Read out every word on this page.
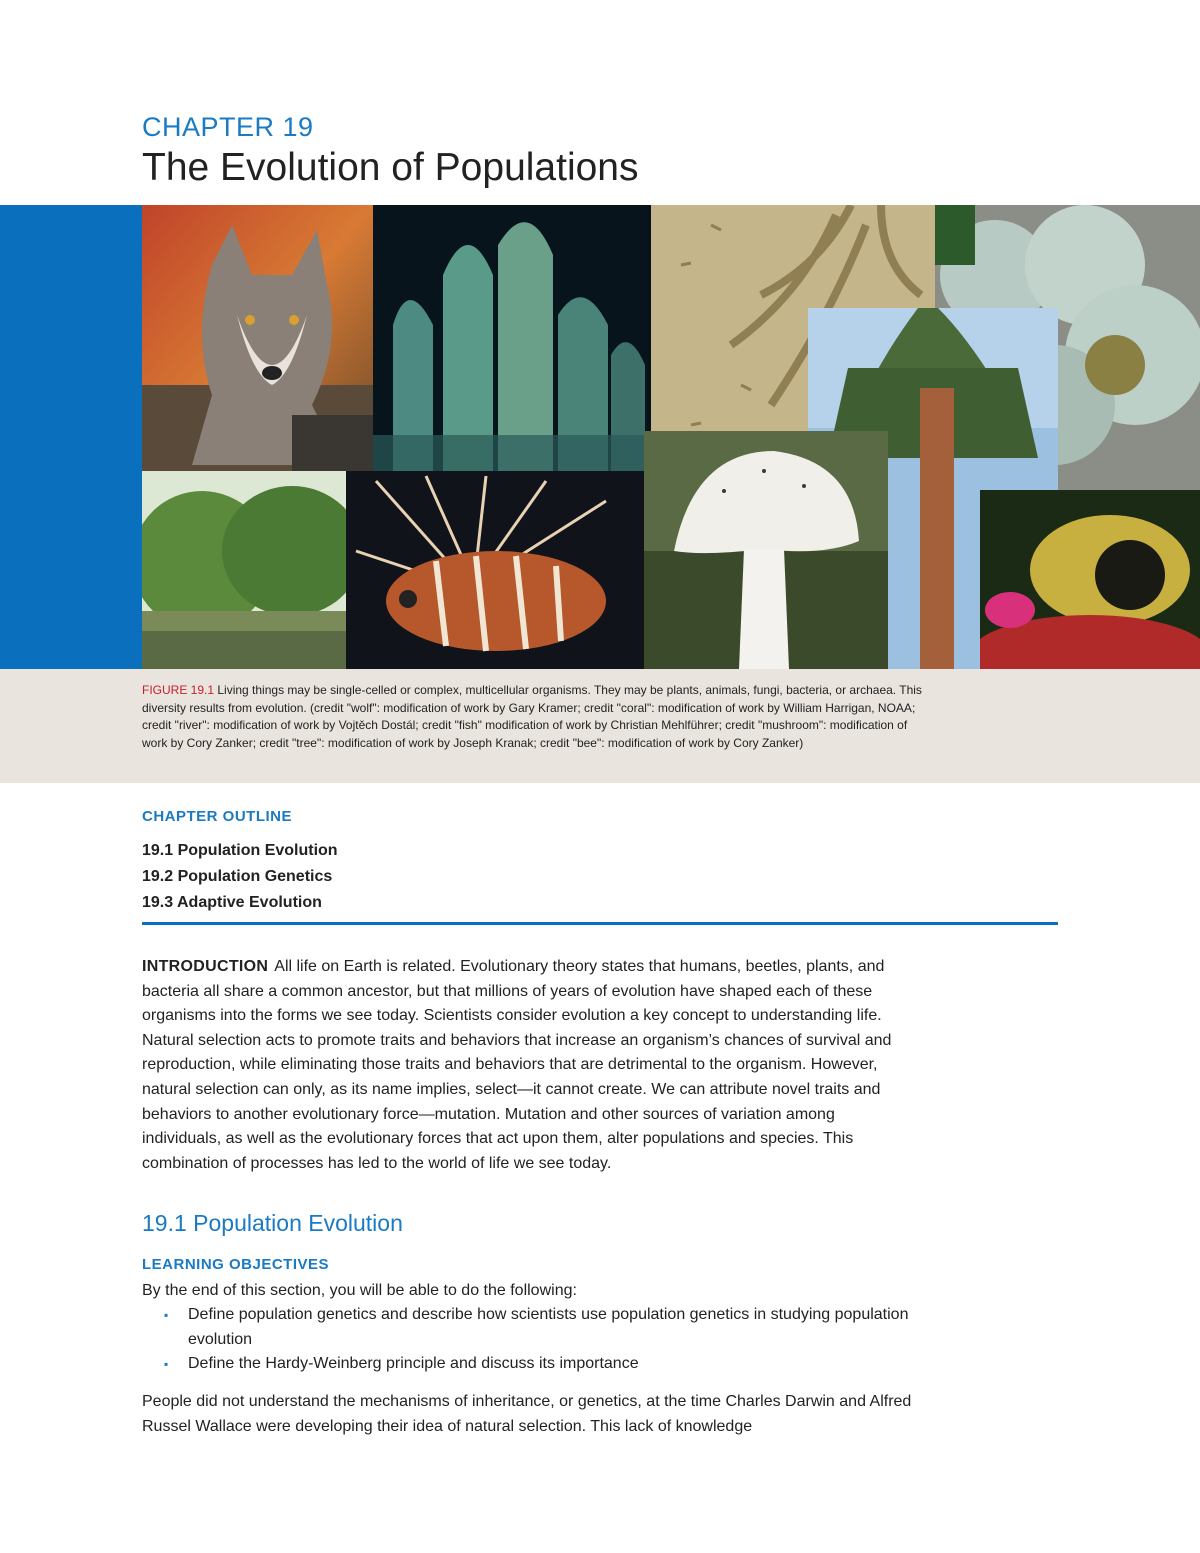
CHAPTER 19
The Evolution of Populations
FIGURE 19.1 Living things may be single-celled or complex, multicellular organisms. They may be plants, animals, fungi, bacteria, or archaea. This diversity results from evolution. (credit "wolf": modification of work by Gary Kramer; credit "coral": modification of work by William Harrigan, NOAA; credit "river": modification of work by Vojtěch Dostál; credit "fish" modification of work by Christian Mehlführer; credit "mushroom": modification of work by Cory Zanker; credit "tree": modification of work by Joseph Kranak; credit "bee": modification of work by Cory Zanker)
CHAPTER OUTLINE
19.1 Population Evolution
19.2 Population Genetics
19.3 Adaptive Evolution

INTRODUCTION All life on Earth is related. Evolutionary theory states that humans, beetles, plants, and bacteria all share a common ancestor, but that millions of years of evolution have shaped each of these organisms into the forms we see today. Scientists consider evolution a key concept to understanding life. Natural selection acts to promote traits and behaviors that increase an organism’s chances of survival and reproduction, while eliminating those traits and behaviors that are detrimental to the organism. However, natural selection can only, as its name implies, select—it cannot create. We can attribute novel traits and behaviors to another evolutionary force—mutation. Mutation and other sources of variation among individuals, as well as the evolutionary forces that act upon them, alter populations and species. This combination of processes has led to the world of life we see today.

19.1 Population Evolution
LEARNING OBJECTIVES
By the end of this section, you will be able to do the following:
▪ Define population genetics and describe how scientists use population genetics in studying population evolution
▪ Define the Hardy-Weinberg principle and discuss its importance

People did not understand the mechanisms of inheritance, or genetics, at the time Charles Darwin and Alfred Russel Wallace were developing their idea of natural selection. This lack of knowledge
